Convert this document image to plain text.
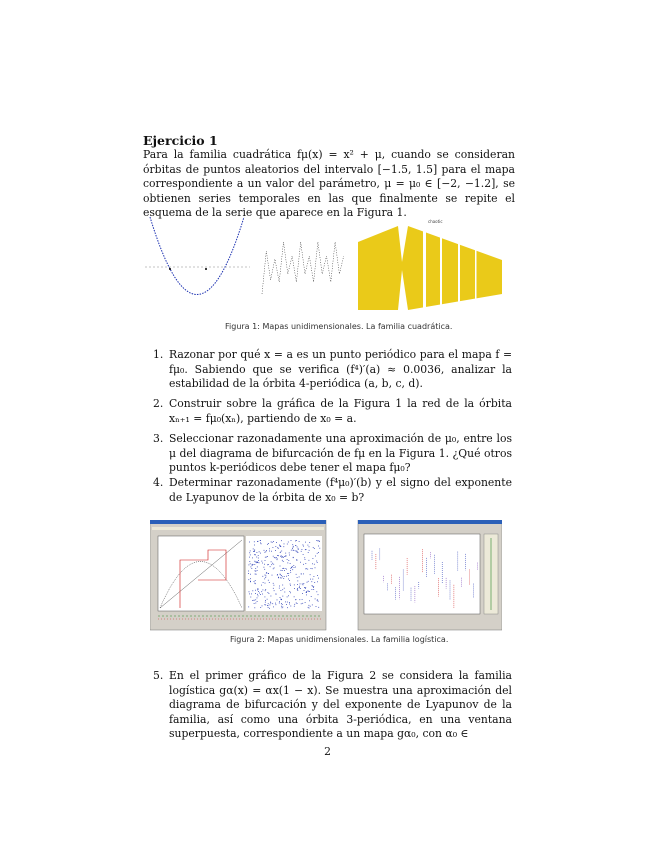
Ejercicio 1
Para la familia cuadrática fμ(x) = x² + μ, cuando se consideran órbitas de puntos aleatorios del intervalo [−1.5, 1.5] para el mapa correspondiente a un valor del parámetro, μ = μ₀ ∈ [−2, −1.2], se obtienen series temporales en las que finalmente se repite el esquema de la serie que aparece en la Figura 1.
chaotic
Figura 1: Mapas unidimensionales. La familia cuadrática.
1. Razonar por qué x = a es un punto periódico para el mapa f = fμ₀. Sabiendo que se verifica (f⁴)′(a) ≈ 0.0036, analizar la estabilidad de la órbita 4-periódica (a, b, c, d).
2. Construir sobre la gráfica de la Figura 1 la red de la órbita xₙ₊₁ = fμ₀(xₙ), partiendo de x₀ = a.
3. Seleccionar razonadamente una aproximación de μ₀, entre los μ del diagrama de bifurcación de fμ en la Figura 1. ¿Qué otros puntos k-periódicos debe tener el mapa fμ₀?
4. Determinar razonadamente (f⁴μ₀)′(b) y el signo del exponente de Lyapunov de la órbita de x₀ = b?
5. En el primer gráfico de la Figura 2 se considera la familia logística gα(x) = αx(1 − x). Se muestra una aproximación del diagrama de bifurcación y del exponente de Lyapunov de la familia, así como una órbita 3-periódica, en una ventana superpuesta, correspondiente a un mapa gα₀, con α₀ ∈
Figura 2: Mapas unidimensionales. La familia logística.
2
